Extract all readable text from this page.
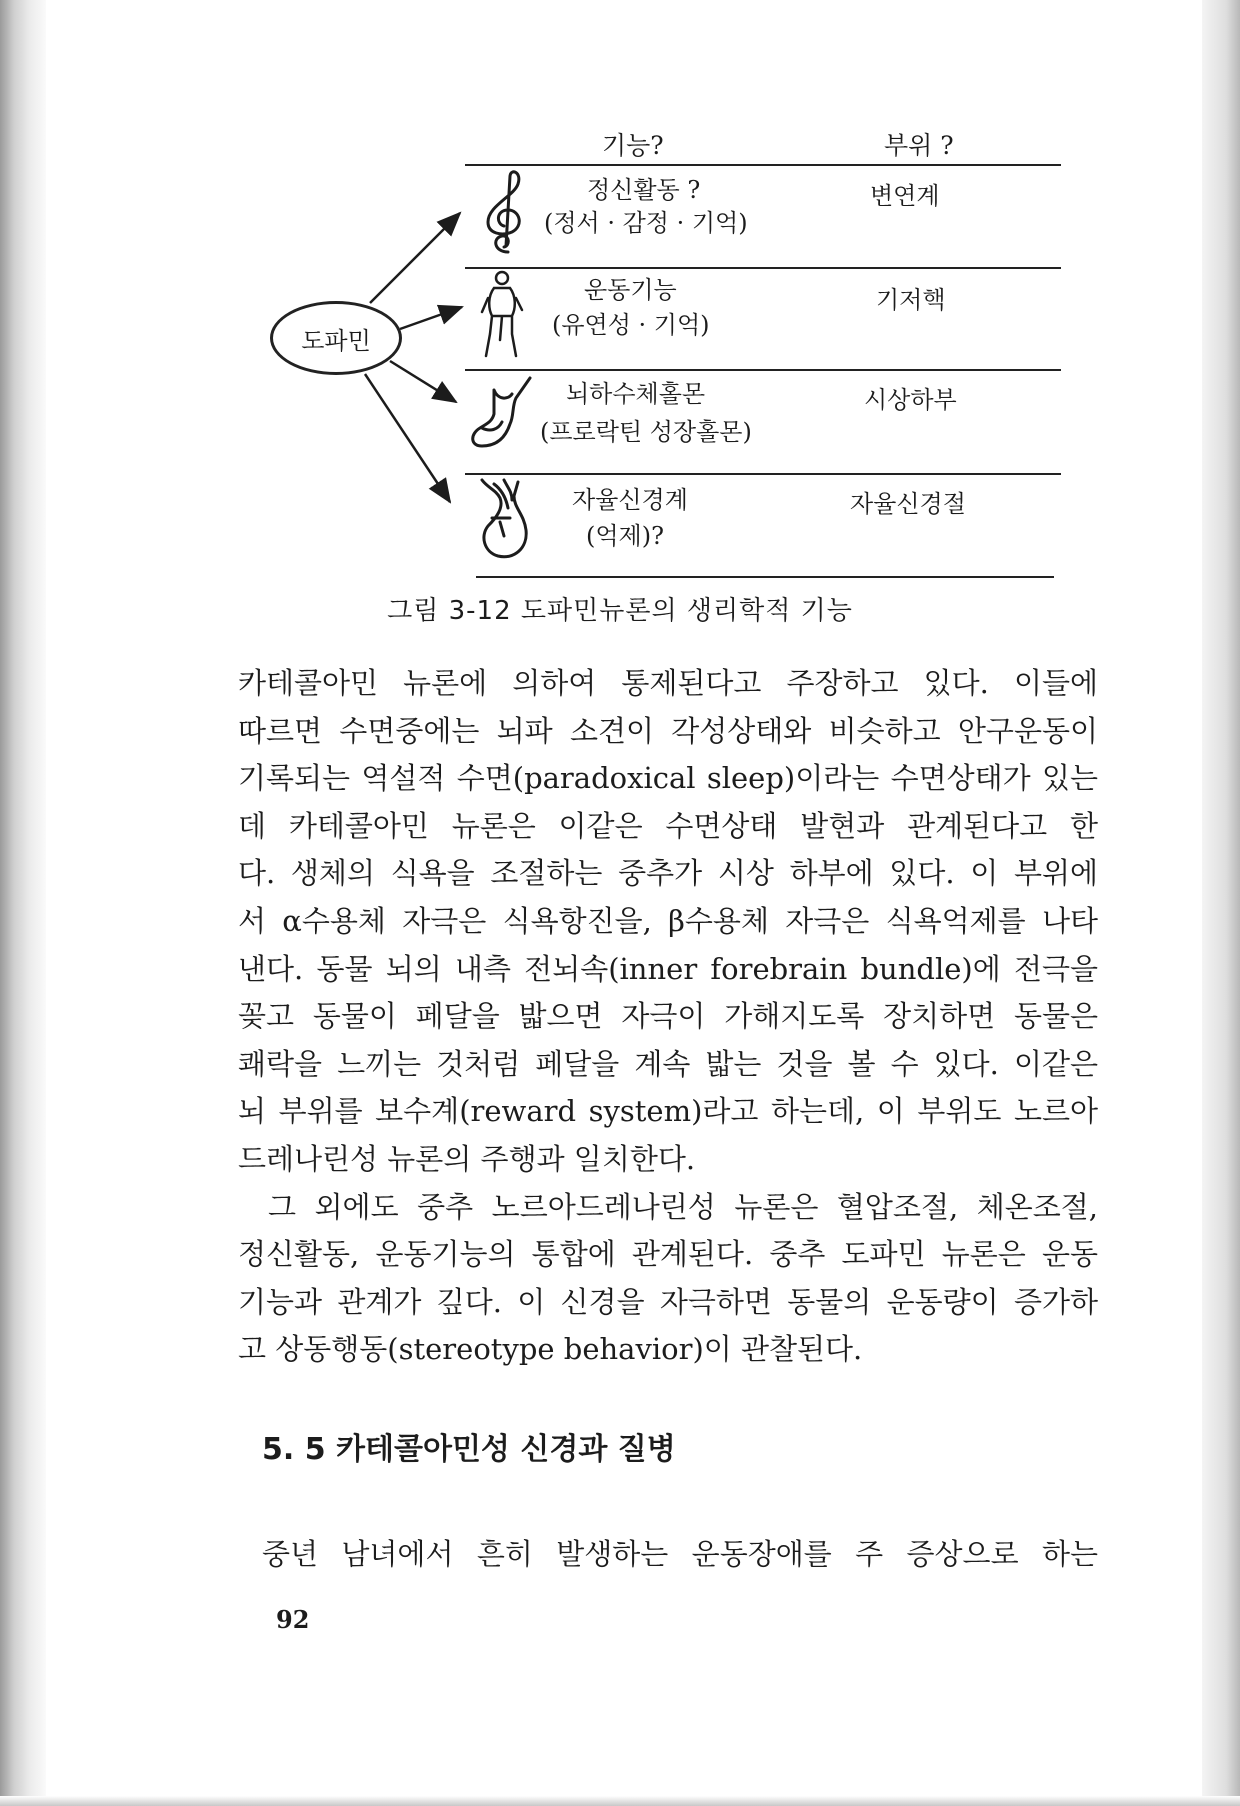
기능?	부위 ?
정신활동 ?
(정서 · 감정 · 기억)
변연계
운동기능
(유연성 · 기억)
기저핵
뇌하수체홀몬
(프로락틴 성장홀몬)
시상하부
자율신경계
(억제)?
자율신경절
도파민
그림 3-12 도파민뉴론의 생리학적 기능
카테콜아민 뉴론에 의하여 통제된다고 주장하고 있다. 이들에
따르면 수면중에는 뇌파 소견이 각성상태와 비슷하고 안구운동이
기록되는 역설적 수면(paradoxical sleep)이라는 수면상태가 있는
데 카테콜아민 뉴론은 이같은 수면상태 발현과 관계된다고 한
다. 생체의 식욕을 조절하는 중추가 시상 하부에 있다. 이 부위에
서 α수용체 자극은 식욕항진을, β수용체 자극은 식욕억제를 나타
낸다. 동물 뇌의 내측 전뇌속(inner forebrain bundle)에 전극을
꽂고 동물이 페달을 밟으면 자극이 가해지도록 장치하면 동물은
쾌락을 느끼는 것처럼 페달을 계속 밟는 것을 볼 수 있다. 이같은
뇌 부위를 보수계(reward system)라고 하는데, 이 부위도 노르아
드레나린성 뉴론의 주행과 일치한다.
그 외에도 중추 노르아드레나린성 뉴론은 혈압조절, 체온조절,
정신활동, 운동기능의 통합에 관계된다. 중추 도파민 뉴론은 운동
기능과 관계가 깊다. 이 신경을 자극하면 동물의 운동량이 증가하
고 상동행동(stereotype behavior)이 관찰된다.
5. 5 카테콜아민성 신경과 질병
중년 남녀에서 흔히 발생하는 운동장애를 주 증상으로 하는
92
